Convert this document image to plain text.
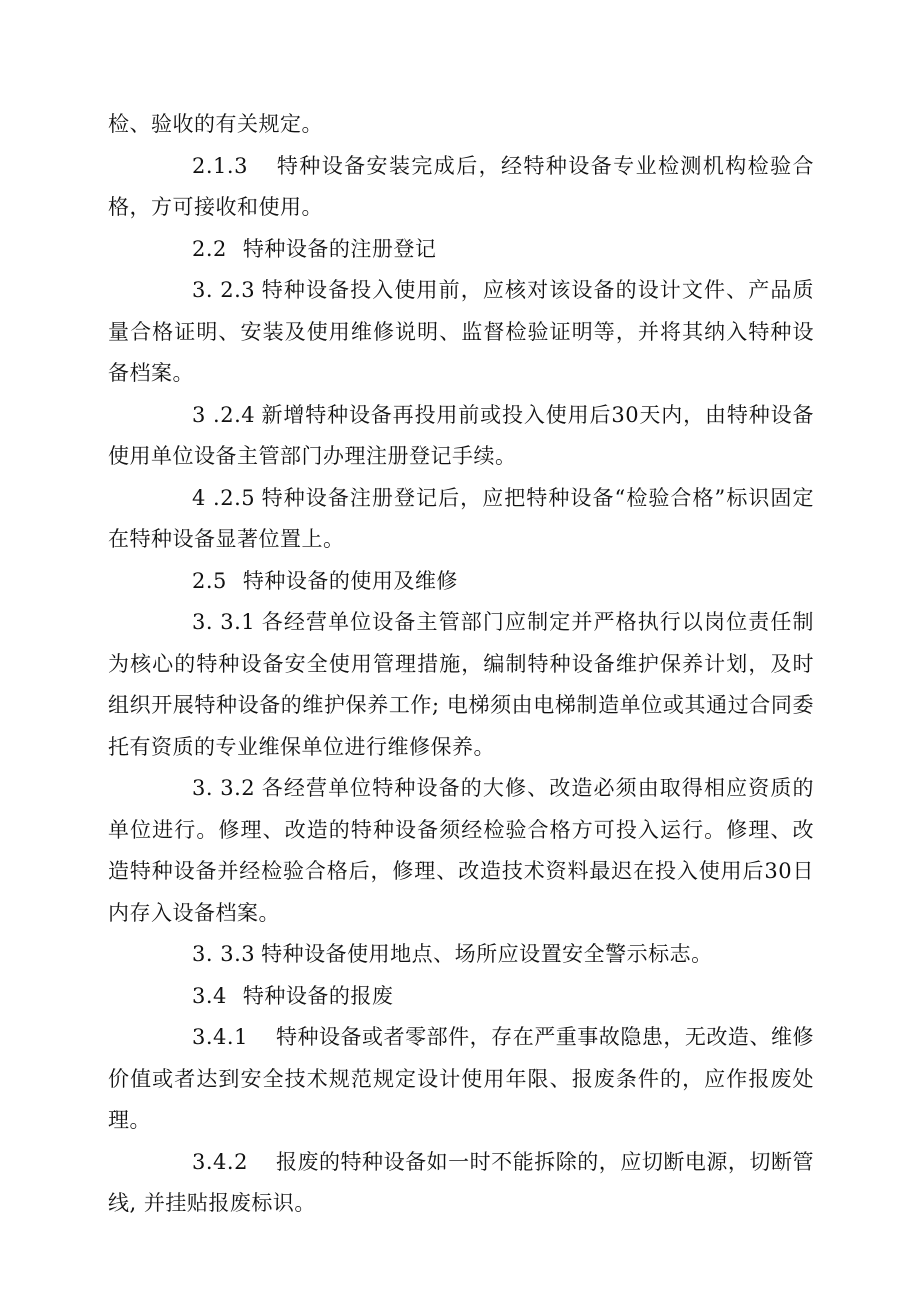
检、验收的有关规定。

2.1.3 特种设备安装完成后，经特种设备专业检测机构检验合格，方可接收和使用。

2.2 特种设备的注册登记

3. 2.3 特种设备投入使用前，应核对该设备的设计文件、产品质量合格证明、安装及使用维修说明、监督检验证明等，并将其纳入特种设备档案。

3 .2.4 新增特种设备再投用前或投入使用后30天内，由特种设备使用单位设备主管部门办理注册登记手续。

4 .2.5 特种设备注册登记后，应把特种设备“检验合格”标识固定在特种设备显著位置上。

2.5 特种设备的使用及维修

3. 3.1 各经营单位设备主管部门应制定并严格执行以岗位责任制为核心的特种设备安全使用管理措施，编制特种设备维护保养计划，及时组织开展特种设备的维护保养工作; 电梯须由电梯制造单位或其通过合同委托有资质的专业维保单位进行维修保养。

3. 3.2 各经营单位特种设备的大修、改造必须由取得相应资质的单位进行。修理、改造的特种设备须经检验合格方可投入运行。修理、改造特种设备并经检验合格后，修理、改造技术资料最迟在投入使用后30日内存入设备档案。

3. 3.3 特种设备使用地点、场所应设置安全警示标志。

3.4 特种设备的报废

3.4.1 特种设备或者零部件，存在严重事故隐患，无改造、维修价值或者达到安全技术规范规定设计使用年限、报废条件的，应作报废处理。

3.4.2 报废的特种设备如一时不能拆除的，应切断电源，切断管线, 并挂贴报废标识。
